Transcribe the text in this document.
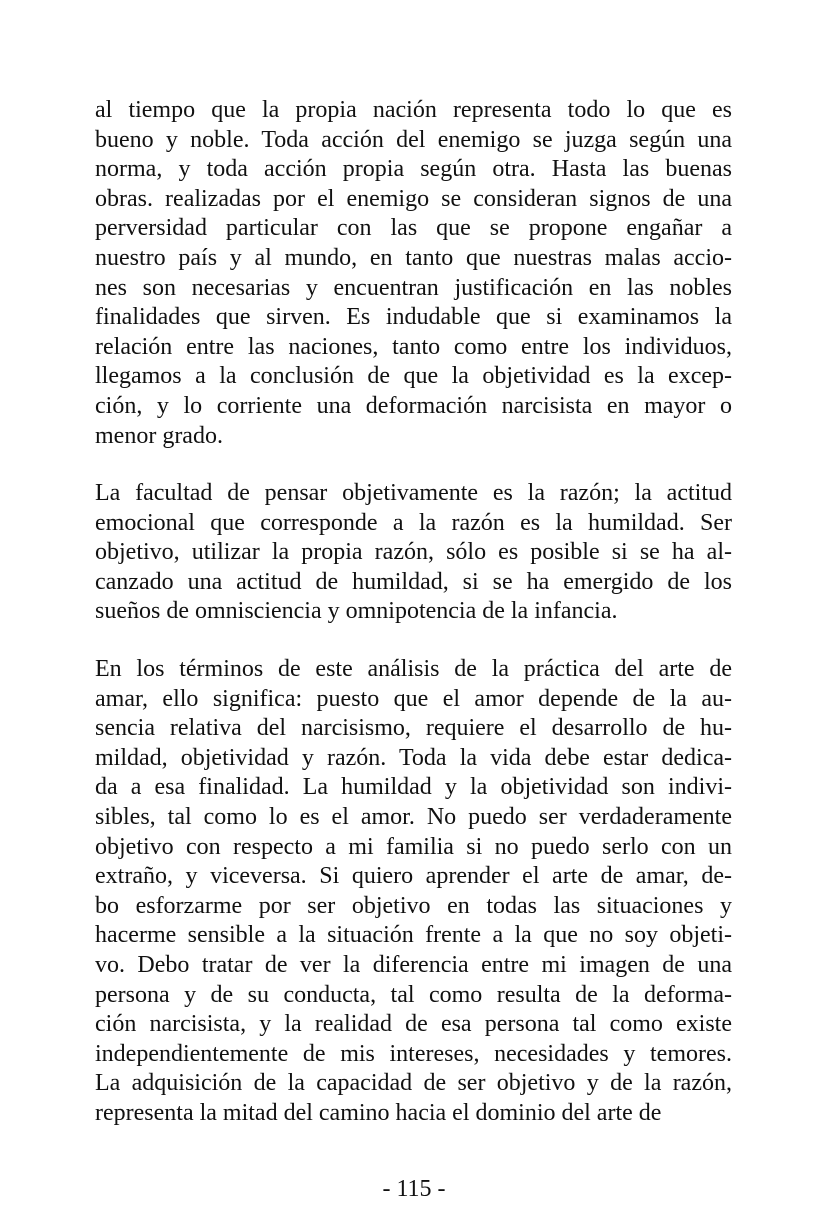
al tiempo que la propia nación representa todo lo que es
bueno y noble. Toda acción del enemigo se juzga según una
norma, y toda acción propia según otra. Hasta las buenas
obras. realizadas por el enemigo se consideran signos de una
perversidad particular con las que se propone engañar a
nuestro país y al mundo, en tanto que nuestras malas accio-
nes son necesarias y encuentran justificación en las nobles
finalidades que sirven. Es indudable que si examinamos la
relación entre las naciones, tanto como entre los individuos,
llegamos a la conclusión de que la objetividad es la excep-
ción, y lo corriente una deformación narcisista en mayor o
menor grado.
La facultad de pensar objetivamente es la razón; la actitud
emocional que corresponde a la razón es la humildad. Ser
objetivo, utilizar la propia razón, sólo es posible si se ha al-
canzado una actitud de humildad, si se ha emergido de los
sueños de omnisciencia y omnipotencia de la infancia.
En los términos de este análisis de la práctica del arte de
amar, ello significa: puesto que el amor depende de la au-
sencia relativa del narcisismo, requiere el desarrollo de hu-
mildad, objetividad y razón. Toda la vida debe estar dedica-
da a esa finalidad. La humildad y la objetividad son indivi-
sibles, tal como lo es el amor. No puedo ser verdaderamente
objetivo con respecto a mi familia si no puedo serlo con un
extraño, y viceversa. Si quiero aprender el arte de amar, de-
bo esforzarme por ser objetivo en todas las situaciones y
hacerme sensible a la situación frente a la que no soy objeti-
vo. Debo tratar de ver la diferencia entre mi imagen de una
persona y de su conducta, tal como resulta de la deforma-
ción narcisista, y la realidad de esa persona tal como existe
independientemente de mis intereses, necesidades y temores.
La adquisición de la capacidad de ser objetivo y de la razón,
representa la mitad del camino hacia el dominio del arte de
- 115 -
